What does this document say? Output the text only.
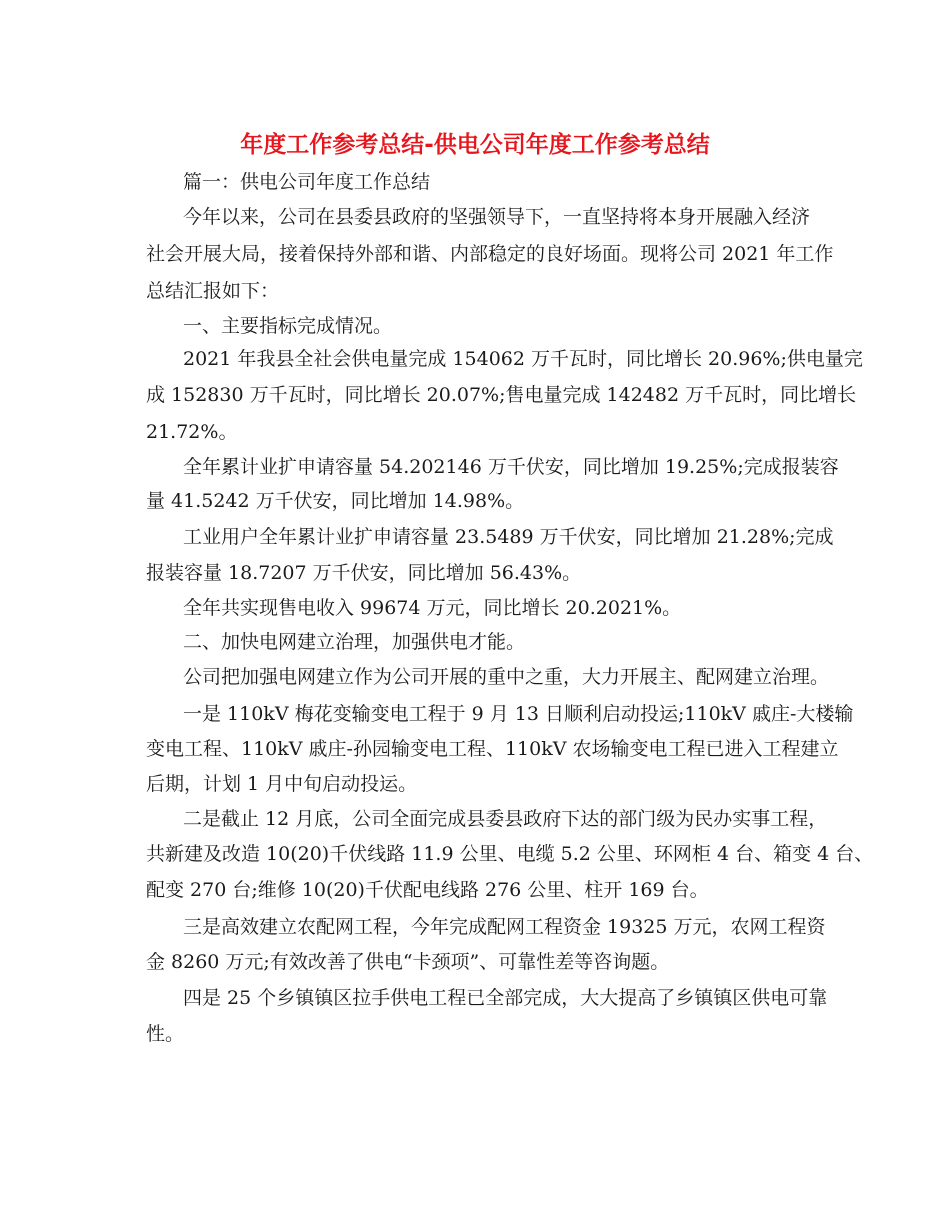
年度工作参考总结-供电公司年度工作参考总结
篇一：供电公司年度工作总结
今年以来，公司在县委县政府的坚强领导下，一直坚持将本身开展融入经济
社会开展大局，接着保持外部和谐、内部稳定的良好场面。现将公司 2021 年工作
总结汇报如下：
一、主要指标完成情况。
2021 年我县全社会供电量完成 154062 万千瓦时，同比增长 20.96%;供电量完
成 152830 万千瓦时，同比增长 20.07%;售电量完成 142482 万千瓦时，同比增长
21.72%。
全年累计业扩申请容量 54.202146 万千伏安，同比增加 19.25%;完成报装容
量 41.5242 万千伏安，同比增加 14.98%。
工业用户全年累计业扩申请容量 23.5489 万千伏安，同比增加 21.28%;完成
报装容量 18.7207 万千伏安，同比增加 56.43%。
全年共实现售电收入 99674 万元，同比增长 20.2021%。
二、加快电网建立治理，加强供电才能。
公司把加强电网建立作为公司开展的重中之重，大力开展主、配网建立治理。
一是 110kV 梅花变输变电工程于 9 月 13 日顺利启动投运;110kV 戚庄-大楼输
变电工程、110kV 戚庄-孙园输变电工程、110kV 农场输变电工程已进入工程建立
后期，计划 1 月中旬启动投运。
二是截止 12 月底，公司全面完成县委县政府下达的部门级为民办实事工程，
共新建及改造 10(20)千伏线路 11.9 公里、电缆 5.2 公里、环网柜 4 台、箱变 4 台、
配变 270 台;维修 10(20)千伏配电线路 276 公里、柱开 169 台。
三是高效建立农配网工程，今年完成配网工程资金 19325 万元，农网工程资
金 8260 万元;有效改善了供电“卡颈项”、可靠性差等咨询题。
四是 25 个乡镇镇区拉手供电工程已全部完成，大大提高了乡镇镇区供电可靠
性。
